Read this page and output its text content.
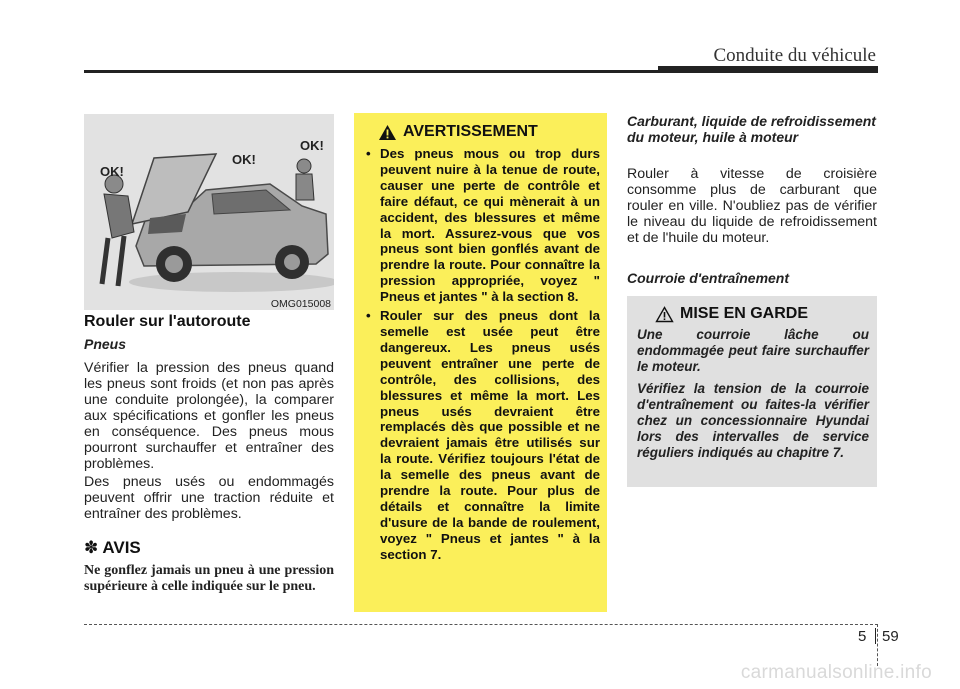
Conduite du véhicule
OK!
OK!
OK!
OMG015008
Rouler sur l'autoroute

Pneus

Vérifier la pression des pneus quand les pneus sont froids (et non pas après une conduite prolongée), la comparer aux spécifications et gonfler les pneus en conséquence. Des pneus mous pourront surchauffer et entraîner des problèmes.

Des pneus usés ou endommagés peuvent offrir une traction réduite et entraîner des problèmes.

✽ AVIS

Ne gonflez jamais un pneu à une pression supérieure à celle indiquée sur le pneu.

AVERTISSEMENT
• Des pneus mous ou trop durs peuvent nuire à la tenue de route, causer une perte de contrôle et faire défaut, ce qui mènerait à un accident, des blessures et même la mort. Assurez-vous que vos pneus sont bien gonflés avant de prendre la route. Pour connaître la pression appropriée, voyez " Pneus et jantes " à la section 8.
• Rouler sur des pneus dont la semelle est usée peut être dangereux. Les pneus usés peuvent entraîner une perte de contrôle, des collisions, des blessures et même la mort. Les pneus usés devraient être remplacés dès que possible et ne devraient jamais être utilisés sur la route. Vérifiez toujours l'état de la semelle des pneus avant de prendre la route. Pour plus de détails et connaître la limite d'usure de la bande de roulement, voyez " Pneus et jantes " à la section 7.

Carburant, liquide de refroidissement du moteur, huile à moteur

Rouler à vitesse de croisière consomme plus de carburant que rouler en ville. N'oubliez pas de vérifier le niveau du liquide de refroidissement et de l'huile du moteur.

Courroie d'entraînement

MISE EN GARDE

Une courroie lâche ou endommagée peut faire surchauffer le moteur.

Vérifiez la tension de la courroie d'entraînement ou faites-la vérifier chez un concessionnaire Hyundai lors des intervalles de service réguliers indiqués au chapitre 7.

5 59
carmanualsonline.info
